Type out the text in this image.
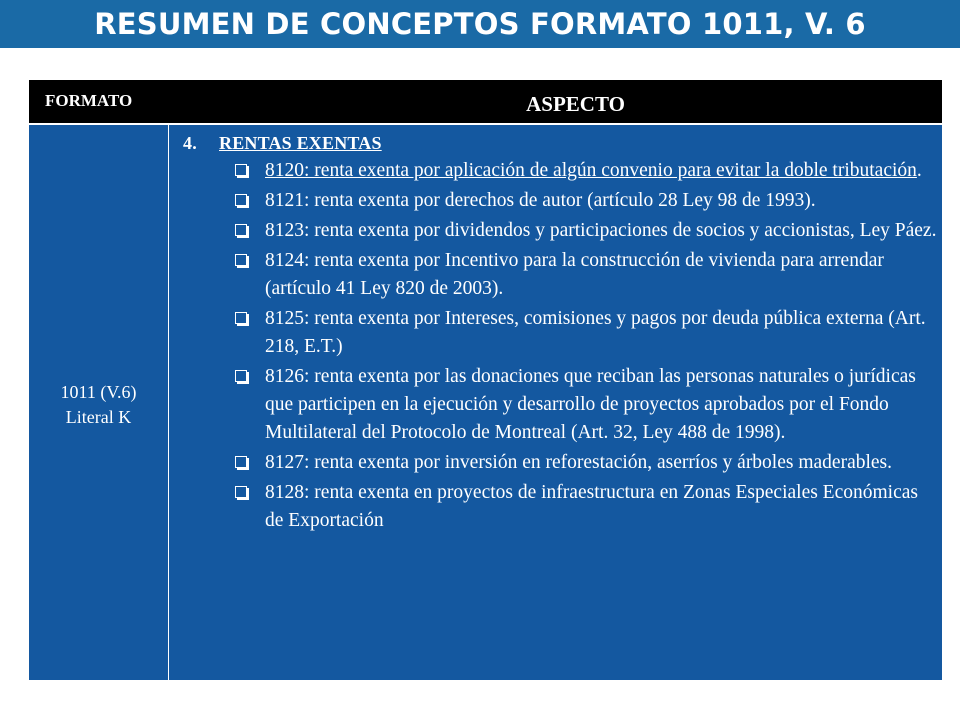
RESUMEN DE CONCEPTOS FORMATO 1011, V. 6
FORMATO	ASPECTO
1011 (V.6)
Literal K
4. RENTAS EXENTAS
8120: renta exenta por aplicación de algún convenio para evitar la doble tributación.
8121: renta exenta por derechos de autor (artículo 28 Ley 98 de 1993).
8123: renta exenta por dividendos y participaciones de socios y accionistas, Ley Páez.
8124: renta exenta por Incentivo para la construcción de vivienda para arrendar (artículo 41 Ley 820 de 2003).
8125: renta exenta por Intereses, comisiones y pagos por deuda pública externa (Art. 218, E.T.)
8126: renta exenta por las donaciones que reciban las personas naturales o jurídicas que participen en la ejecución y desarrollo de proyectos aprobados por el Fondo Multilateral del Protocolo de Montreal (Art. 32, Ley 488 de 1998).
8127: renta exenta por inversión en reforestación, aserríos y árboles maderables.
8128: renta exenta en proyectos de infraestructura en Zonas Especiales Económicas de Exportación
